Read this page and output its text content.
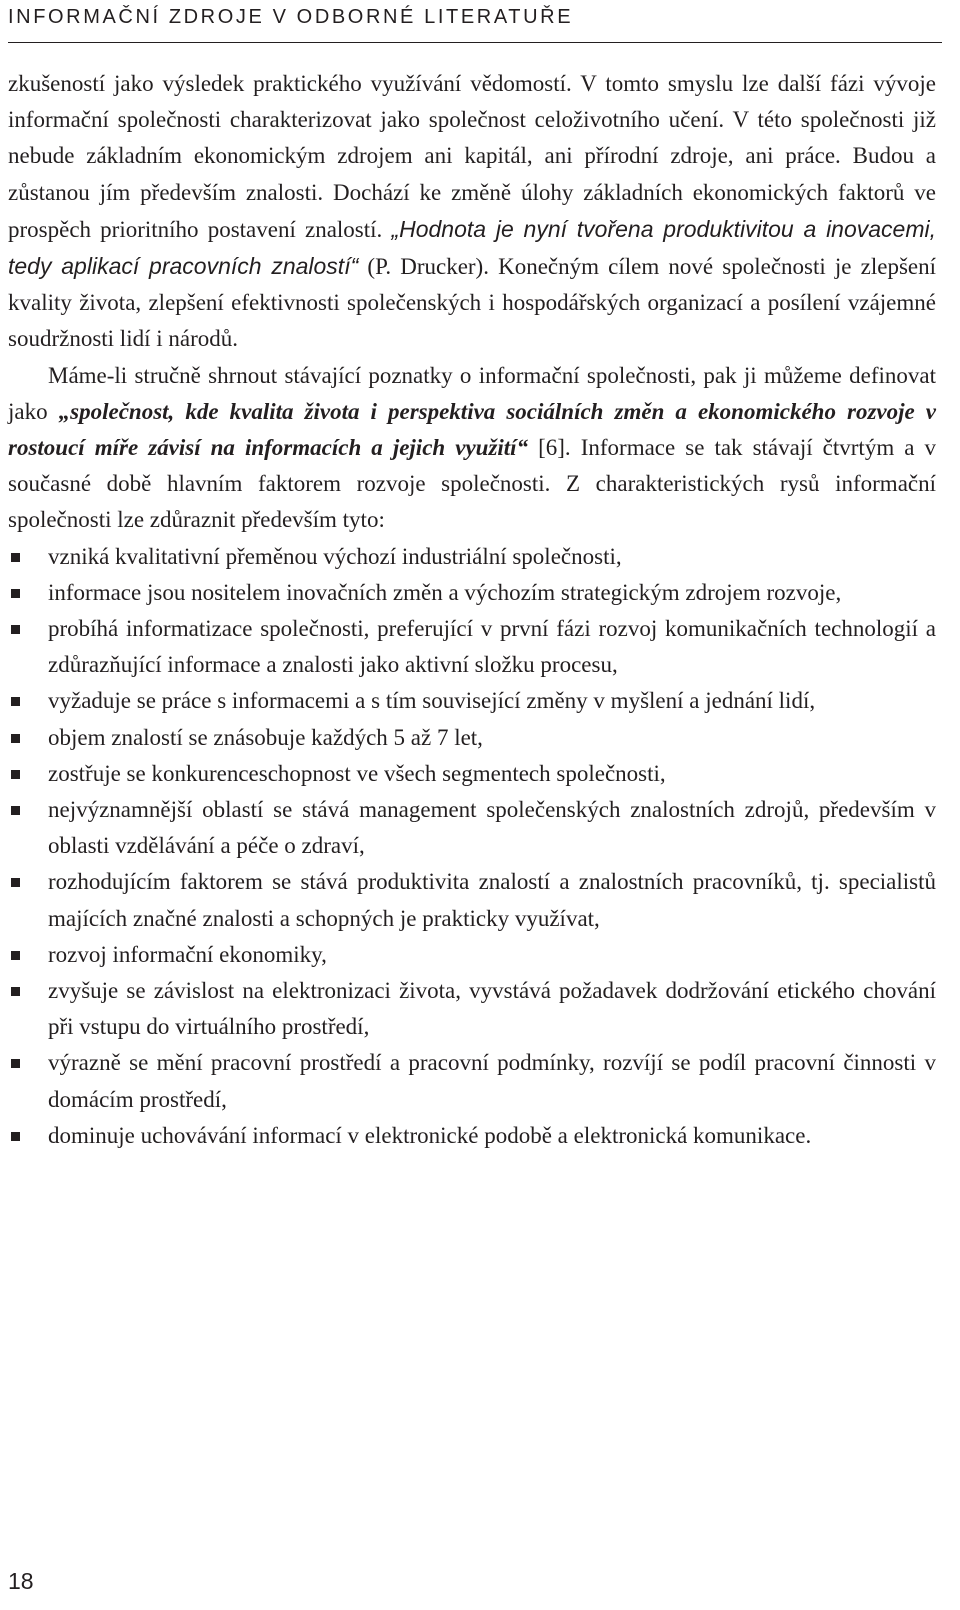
INFORMAČNÍ ZDROJE V ODBORNÉ LITERATUŘE

zkušeností jako výsledek praktického využívání vědomostí. V tomto smyslu lze další fázi vývoje informační společnosti charakterizovat jako společnost celoživotního učení. V této společnosti již nebude základním ekonomickým zdrojem ani kapitál, ani přírodní zdroje, ani práce. Budou a zůstanou jím především znalosti. Dochází ke změně úlohy základních ekonomických faktorů ve prospěch prioritního postavení znalostí. „Hodnota je nyní tvořena produktivitou a inovacemi, tedy aplikací pracovních znalostí“ (P. Drucker). Konečným cílem nové společnosti je zlepšení kvality života, zlepšení efektivnosti společenských i hospodářských organizací a posílení vzájemné soudržnosti lidí i národů.

Máme-li stručně shrnout stávající poznatky o informační společnosti, pak ji můžeme definovat jako „společnost, kde kvalita života i perspektiva sociálních změn a ekonomického rozvoje v rostoucí míře závisí na informacích a jejich využití“ [6]. Informace se tak stávají čtvrtým a v současné době hlavním faktorem rozvoje společnosti. Z charakteristických rysů informační společnosti lze zdůraznit především tyto:

vzniká kvalitativní přeměnou výchozí industriální společnosti,
informace jsou nositelem inovačních změn a výchozím strategickým zdrojem rozvoje,
probíhá informatizace společnosti, preferující v první fázi rozvoj komunikačních technologií a zdůrazňující informace a znalosti jako aktivní složku procesu,
vyžaduje se práce s informacemi a s tím související změny v myšlení a jednání lidí,
objem znalostí se znásobuje každých 5 až 7 let,
zostřuje se konkurenceschopnost ve všech segmentech společnosti,
nejvýznamnější oblastí se stává management společenských znalostních zdrojů, především v oblasti vzdělávání a péče o zdraví,
rozhodujícím faktorem se stává produktivita znalostí a znalostních pracovníků, tj. specialistů majících značné znalosti a schopných je prakticky využívat,
rozvoj informační ekonomiky,
zvyšuje se závislost na elektronizaci života, vyvstává požadavek dodržování etického chování při vstupu do virtuálního prostředí,
výrazně se mění pracovní prostředí a pracovní podmínky, rozvíjí se podíl pracovní činnosti v domácím prostředí,
dominuje uchovávání informací v elektronické podobě a elektronická komunikace.
18
